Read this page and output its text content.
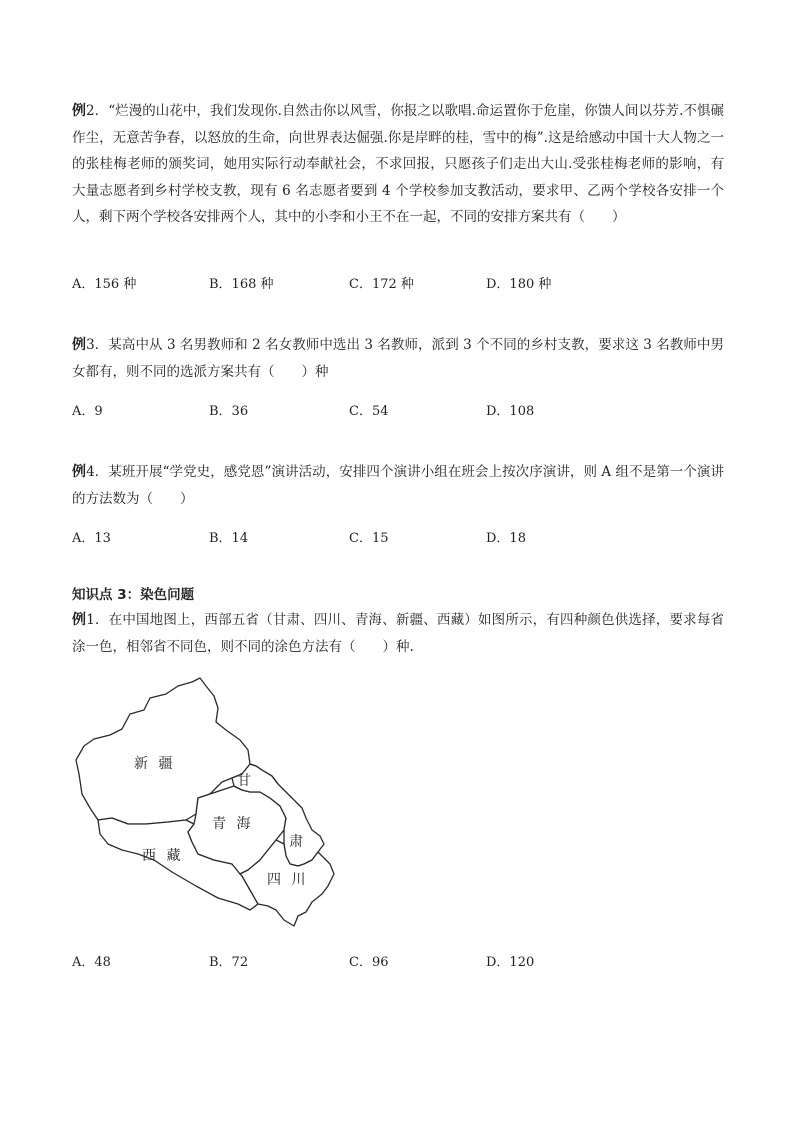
例2．“烂漫的山花中，我们发现你.自然击你以风雪，你报之以歌唱.命运置你于危崖，你馈人间以芬芳.不惧碾作尘，无意苦争春，以怒放的生命，向世界表达倔强.你是岸畔的桂，雪中的梅”.这是给感动中国十大人物之一的张桂梅老师的颁奖词，她用实际行动奉献社会，不求回报，只愿孩子们走出大山.受张桂梅老师的影响，有大量志愿者到乡村学校支教，现有 6 名志愿者要到 4 个学校参加支教活动，要求甲、乙两个学校各安排一个人，剩下两个学校各安排两个人，其中的小李和小王不在一起，不同的安排方案共有（　　）
A．156 种	B．168 种	C．172 种	D．180 种
例3．某高中从 3 名男教师和 2 名女教师中选出 3 名教师，派到 3 个不同的乡村支教，要求这 3 名教师中男女都有，则不同的选派方案共有（　　）种
A．9	B．36	C．54	D．108
例4．某班开展“学党史，感党恩”演讲活动，安排四个演讲小组在班会上按次序演讲，则 A 组不是第一个演讲的方法数为（　　）
A．13	B．14	C．15	D．18
知识点 3：染色问题
例1．在中国地图上，西部五省（甘肃、四川、青海、新疆、西藏）如图所示，有四种颜色供选择，要求每省涂一色，相邻省不同色，则不同的涂色方法有（　　）种.
新 疆
甘
青 海
肃
西 藏
四 川
A．48	B．72	C．96	D．120
